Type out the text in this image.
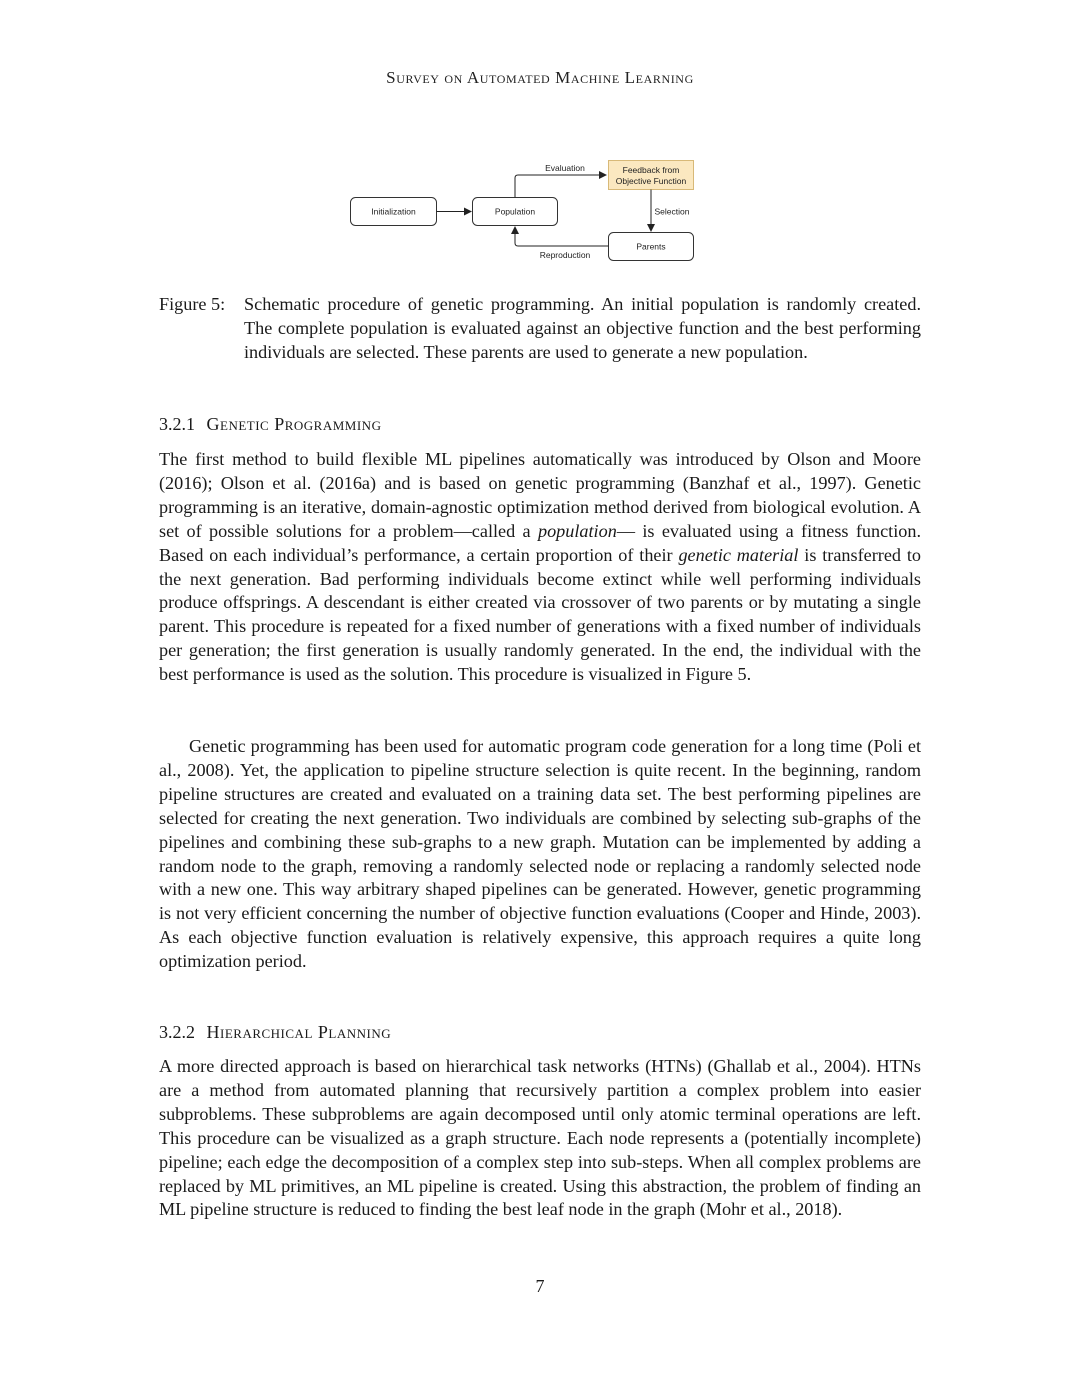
Survey on Automated Machine Learning
Initialization	Population
Feedback from
Objective Function
Parents
Evaluation
Selection
Reproduction
Figure 5: Schematic procedure of genetic programming. An initial population is randomly created. The complete population is evaluated against an objective function and the best performing individuals are selected. These parents are used to generate a new population.
3.2.1 Genetic Programming

The first method to build flexible ML pipelines automatically was introduced by Olson and Moore (2016); Olson et al. (2016a) and is based on genetic programming (Banzhaf et al., 1997). Genetic programming is an iterative, domain-agnostic optimization method derived from biological evolution. A set of possible solutions for a problem—called a population— is evaluated using a fitness function. Based on each individual’s performance, a certain proportion of their genetic material is transferred to the next generation. Bad performing individuals become extinct while well performing individuals produce offsprings. A descendant is either created via crossover of two parents or by mutating a single parent. This procedure is repeated for a fixed number of generations with a fixed number of individuals per generation; the first generation is usually randomly generated. In the end, the individual with the best performance is used as the solution. This procedure is visualized in Figure 5.

Genetic programming has been used for automatic program code generation for a long time (Poli et al., 2008). Yet, the application to pipeline structure selection is quite recent. In the beginning, random pipeline structures are created and evaluated on a training data set. The best performing pipelines are selected for creating the next generation. Two individuals are combined by selecting sub-graphs of the pipelines and combining these sub-graphs to a new graph. Mutation can be implemented by adding a random node to the graph, removing a randomly selected node or replacing a randomly selected node with a new one. This way arbitrary shaped pipelines can be generated. However, genetic programming is not very efficient concerning the number of objective function evaluations (Cooper and Hinde, 2003). As each objective function evaluation is relatively expensive, this approach requires a quite long optimization period.

3.2.2 Hierarchical Planning

A more directed approach is based on hierarchical task networks (HTNs) (Ghallab et al., 2004). HTNs are a method from automated planning that recursively partition a complex problem into easier subproblems. These subproblems are again decomposed until only atomic terminal operations are left. This procedure can be visualized as a graph structure. Each node represents a (potentially incomplete) pipeline; each edge the decomposition of a complex step into sub-steps. When all complex problems are replaced by ML primitives, an ML pipeline is created. Using this abstraction, the problem of finding an ML pipeline structure is reduced to finding the best leaf node in the graph (Mohr et al., 2018).

7
